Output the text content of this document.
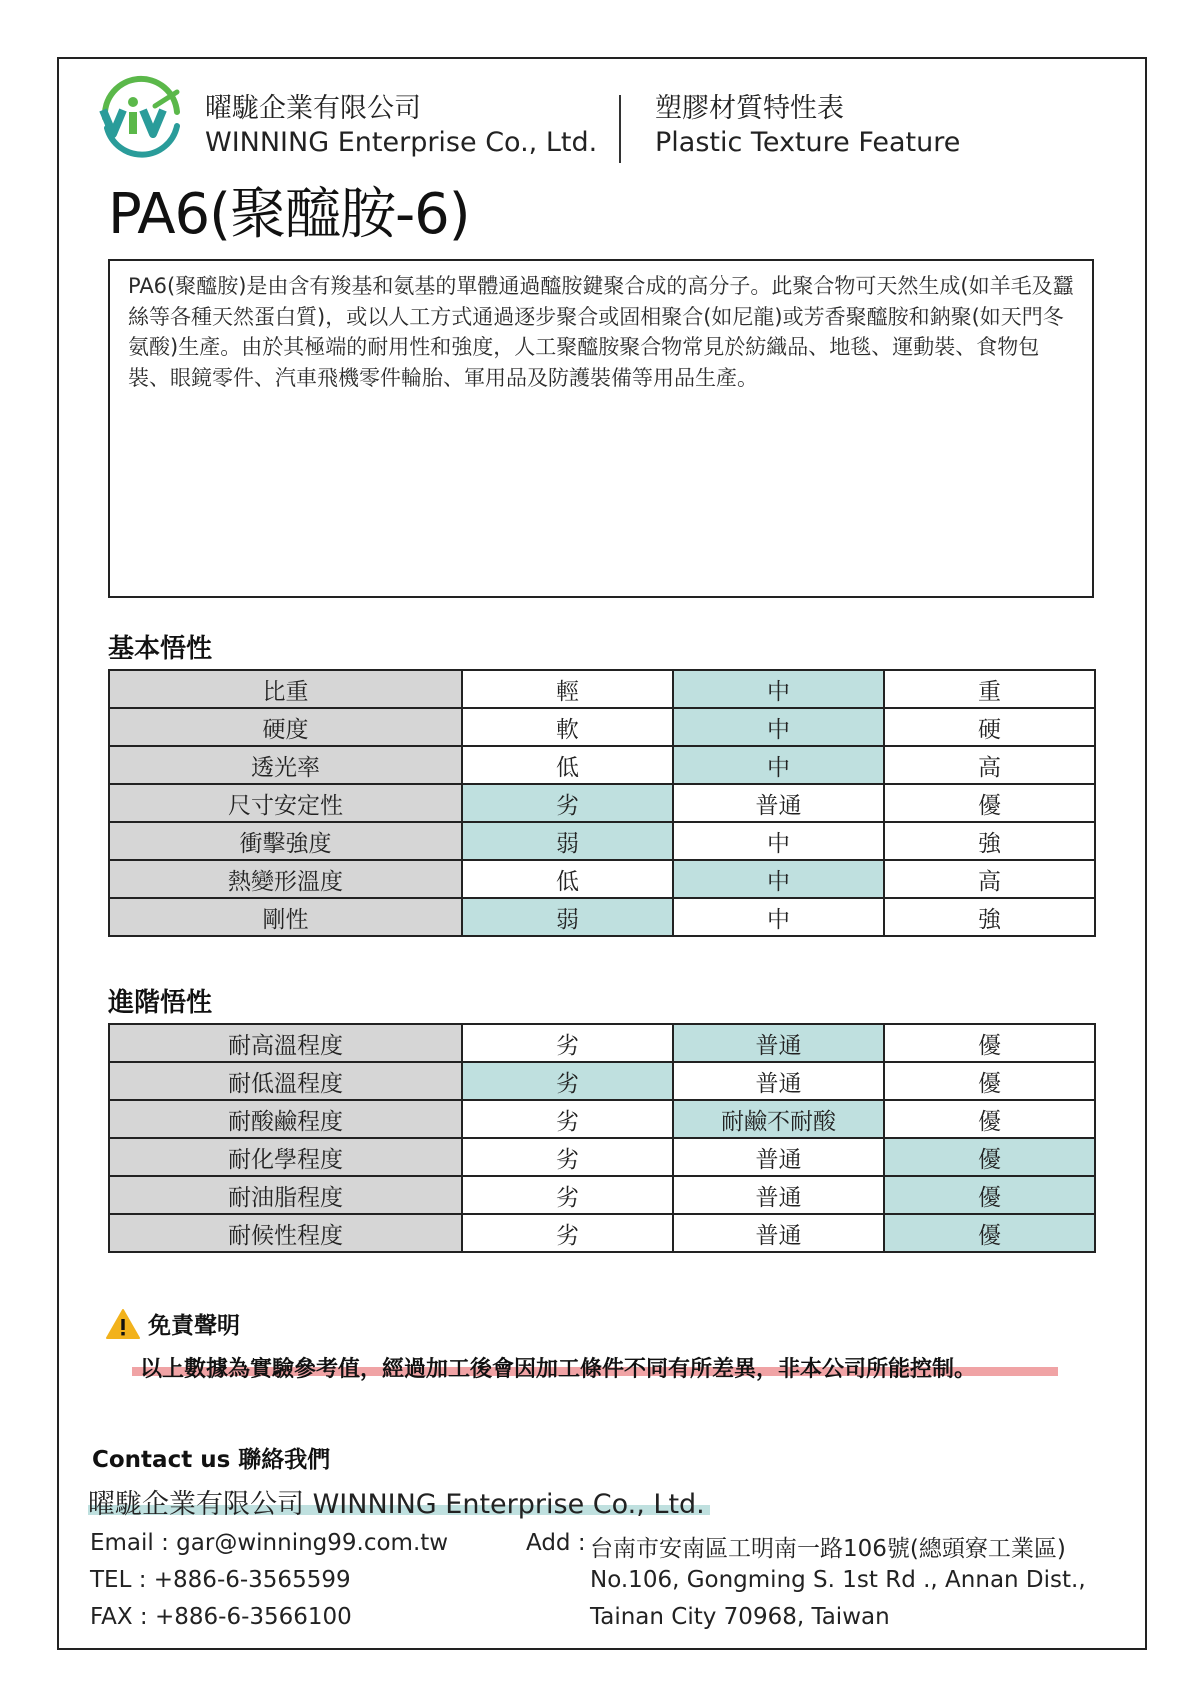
曜駹企業有限公司
WINNING Enterprise Co., Ltd.
塑膠材質特性表
Plastic Texture Feature
PA6(聚醯胺-6)
PA6(聚醯胺)是由含有羧基和氨基的單體通過醯胺鍵聚合成的高分子。此聚合物可天然生成(如羊毛及蠶絲等各種天然蛋白質)，或以人工方式通過逐步聚合或固相聚合(如尼龍)或芳香聚醯胺和鈉聚(如天門冬氨酸)生產。由於其極端的耐用性和強度，人工聚醯胺聚合物常見於紡織品、地毯、運動裝、食物包裝、眼鏡零件、汽車飛機零件輪胎、軍用品及防護裝備等用品生產。
基本悟性
比重	輕	中	重
硬度	軟	中	硬
透光率	低	中	高
尺寸安定性	劣	普通	優
衝擊強度	弱	中	強
熱變形溫度	低	中	高
剛性	弱	中	強
進階悟性
耐高溫程度	劣	普通	優
耐低溫程度	劣	普通	優
耐酸鹼程度	劣	耐鹼不耐酸	優
耐化學程度	劣	普通	優
耐油脂程度	劣	普通	優
耐候性程度	劣	普通	優
免責聲明
以上數據為實驗參考值，經過加工後會因加工條件不同有所差異，非本公司所能控制。
Contact us 聯絡我們
曜駹企業有限公司 WINNING Enterprise Co., Ltd.
Email : gar@winning99.com.tw
TEL : +886-6-3565599
FAX : +886-6-3566100
Add : 台南市安南區工明南一路106號(總頭寮工業區)
No.106, Gongming S. 1st Rd ., Annan Dist.,
Tainan City 70968, Taiwan
